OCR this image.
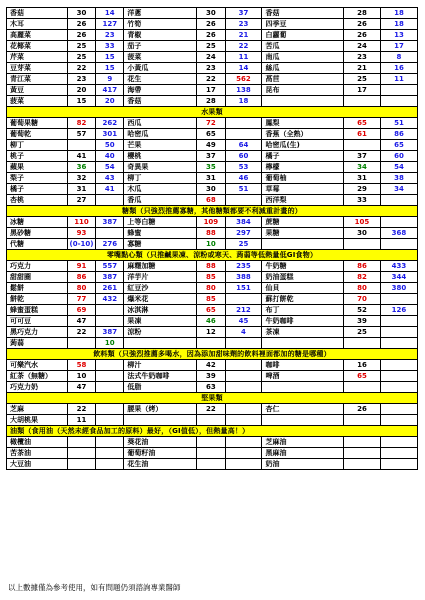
香菇	30	14	洋蔥	30	37	香菇	28	18
木耳	26	127	竹筍	26	23	四季豆	26	18
高麗菜	26	23	青椒	26	21	白蘿蔔	26	13
花椰菜	25	33	茄子	25	22	苦瓜	24	17
芹菜	25	15	菠菜	24	11	南瓜	23	8
豆芽菜	22	15	小黃瓜	23	14	絲瓜	21	16
青江菜	23	9	花生	22	562	萵苣	25	11
黃豆	20	417	海帶	17	138	昆布	17	
菠菜	15	20	香菇	28	18			
水果類								
葡萄果糖	82	262	西瓜	72		鳳梨	65	51
葡萄乾	57	301	哈密瓜	65		香蕉（全熟）	61	86
柳丁		50	芒果	49	64	哈密瓜(生)		65
桃子	41	40	櫻桃	37	60	橘子	37	60
蘋果	36	54	奇異果	35	53	檸檬	34	54
梨子	32	43	柳丁	31	46	葡萄柚	31	38
橘子	31	41	木瓜	30	51	草莓	29	34
杏桃	27		香瓜	68		西洋梨	33	
糖類（只強烈推薦寡糖，其他糖類都要不利減重計畫的）								
冰糖	110	387	上等白糖	109	384	蔗糖	105	
黑砂糖	93		蜂蜜	88	297	果糖	30	368
代糖	(0-10)	276	寡糖	10	25			
零嘴點心類（只推鹹果凍、涼粉或寒天、蒟蒻等低熱量低GI食物）								
巧克力	91	557	麻糬加糖	88	235	牛奶糖	86	433
甜甜圈	86	387	洋芋片	85	388	奶油蛋糕	82	344
鬆餅	80	261	紅豆沙	80	151	仙貝	80	380
餅乾	77	432	爆米花	85		蘇打餅乾	70	
蜂蜜蛋糕	69		冰淇淋	65	212	布丁	52	126
可可豆	47		果凍	46	45	牛奶咖啡	39	
黑巧克力	22	387	涼粉	12	4	茶凍	25	
蒟蒻		10						
飲料類（只強烈推薦多喝水，因為添加甜味劑的飲料裡面都加的糖是哪種）								
可樂汽水	58		柳汁	42		咖啡	16	
紅茶（無糖）	10		法式牛奶咖啡	39		啤酒	65	
巧克力奶	47		低脂	63				
堅果類								
芝麻	22		腰果（烤）	22		杏仁	26	
大胡桃果	11							
油類（食用油（天然未經食品加工的原料）最好，（GI值低），但熱量高！）								
橄欖油			葵花油			芝麻油		
苦茶油			葡萄籽油			黑麻油		
大豆油			花生油			奶油		
以上數據僅為參考使用，如有問題仍須諮詢專業醫師
